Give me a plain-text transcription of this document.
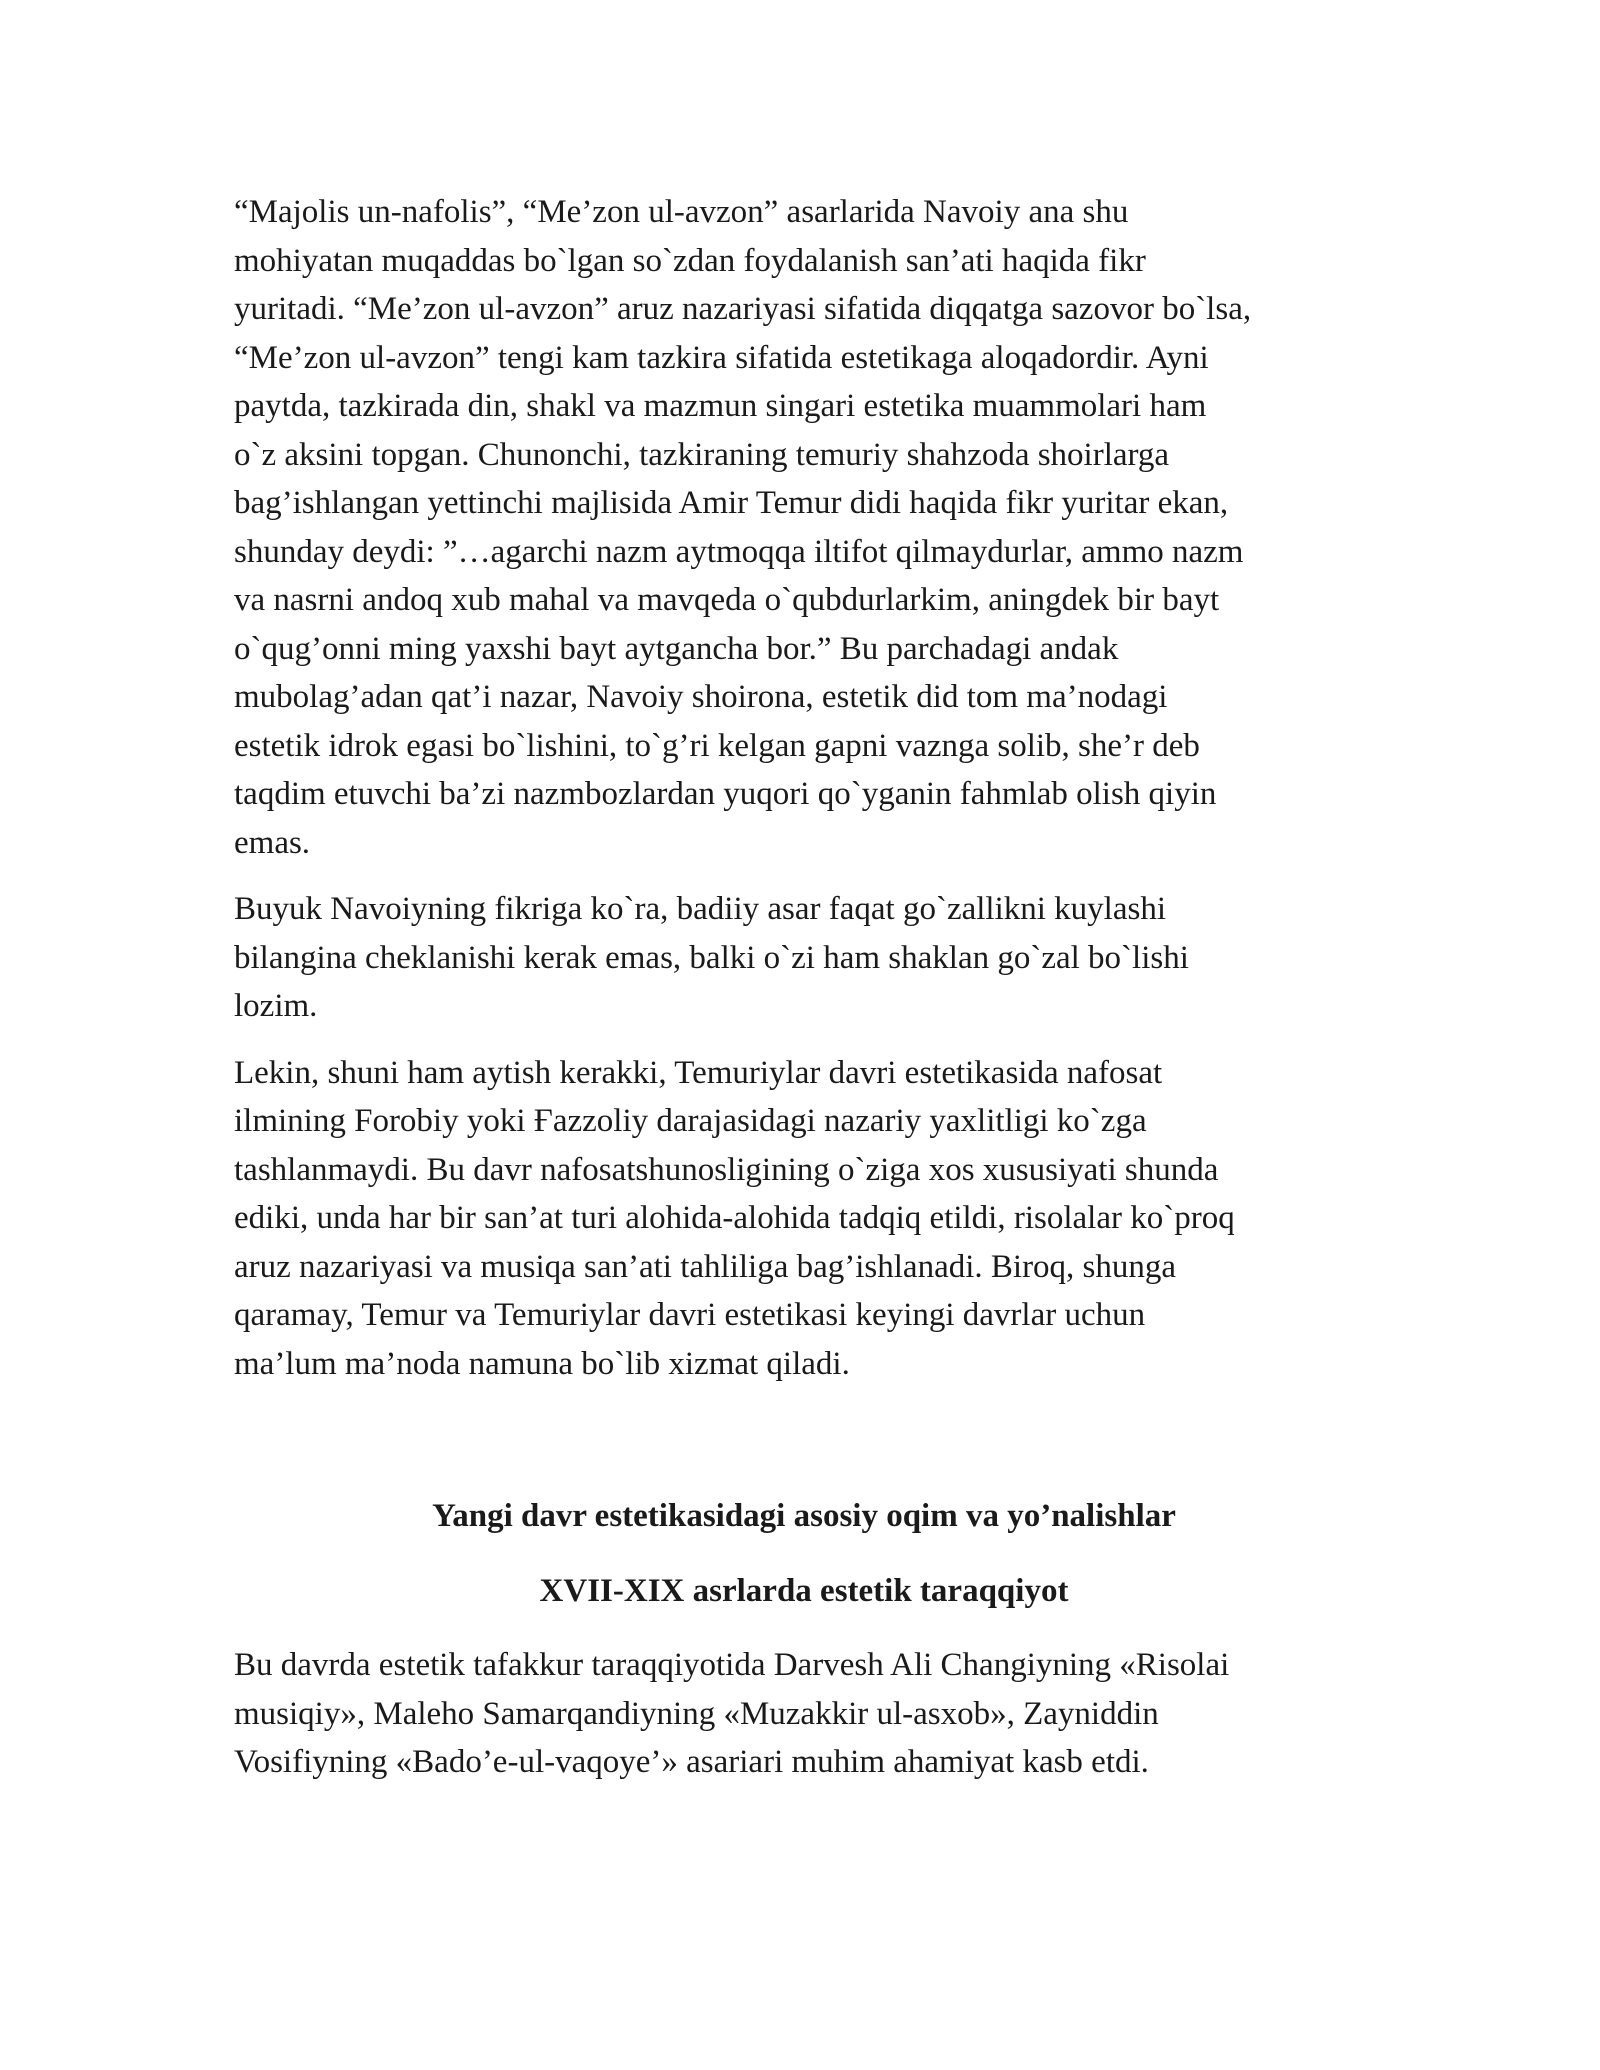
“Majolis un-nafolis”, “Me’zon ul-avzon” asarlarida Navoiy ana shu
mohiyatan muqaddas bo`lgan so`zdan foydalanish san’ati haqida fikr
yuritadi. “Me’zon ul-avzon” aruz nazariyasi sifatida diqqatga sazovor bo`lsa,
“Me’zon ul-avzon” tengi kam tazkira sifatida estetikaga aloqadordir. Ayni
paytda, tazkirada din, shakl va mazmun singari estetika muammolari ham
o`z aksini topgan. Chunonchi, tazkiraning temuriy shahzoda shoirlarga
bag’ishlangan yettinchi majlisida Amir Temur didi haqida fikr yuritar ekan,
shunday deydi: ”…agarchi nazm aytmoqqa iltifot qilmaydurlar, ammo nazm
va nasrni andoq xub mahal va mavqeda o`qubdurlarkim, aningdek bir bayt
o`qug’onni ming yaxshi bayt aytgancha bor.” Bu parchadagi andak
mubolag’adan qat’i nazar, Navoiy shoirona, estetik did tom ma’nodagi
estetik idrok egasi bo`lishini, to`g’ri kelgan gapni vaznga solib, she’r deb
taqdim etuvchi ba’zi nazmbozlardan yuqori qo`yganin fahmlab olish qiyin
emas.

Buyuk Navoiyning fikriga ko`ra, badiiy asar faqat go`zallikni kuylashi
bilangina cheklanishi kerak emas, balki o`zi ham shaklan go`zal bo`lishi
lozim.

Lekin, shuni ham aytish kerakki, Temuriylar davri estetikasida nafosat
ilmining Forobiy yoki Ғazzoliy darajasidagi nazariy yaxlitligi ko`zga
tashlanmaydi. Bu davr nafosatshunosligining o`ziga xos xususiyati shunda
ediki, unda har bir san’at turi alohida-alohida tadqiq etildi, risolalar ko`proq
aruz nazariyasi va musiqa san’ati tahliliga bag’ishlanadi. Biroq, shunga
qaramay, Temur va Temuriylar davri estetikasi keyingi davrlar uchun
ma’lum ma’noda namuna bo`lib xizmat qiladi.

Yangi davr estetikasidagi asosiy oqim va yo’nalishlar

XVII-XIX asrlarda estetik taraqqiyot

Bu davrda estetik tafakkur taraqqiyotida Darvesh Ali Changiyning «Risolai
musiqiy», Maleho Samarqandiyning «Muzakkir ul-asxob», Zayniddin
Vosifiyning «Bado’e-ul-vaqoye’» asariari muhim ahamiyat kasb etdi.
